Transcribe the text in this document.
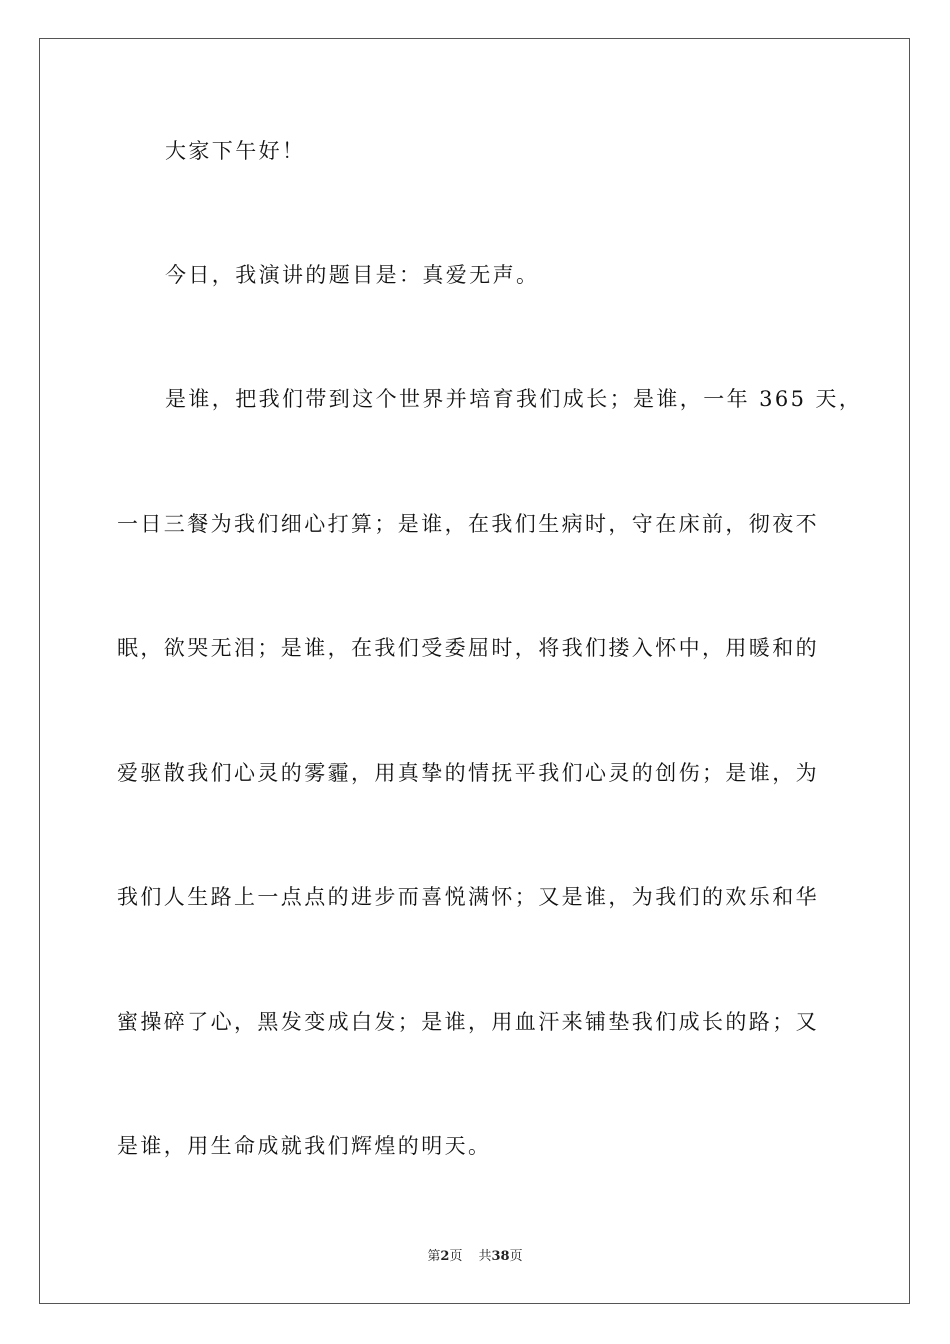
大家下午好！
今日，我演讲的题目是：真爱无声。
是谁，把我们带到这个世界并培育我们成长；是谁，一年 365 天，
一日三餐为我们细心打算；是谁，在我们生病时，守在床前，彻夜不
眠，欲哭无泪；是谁，在我们受委屈时，将我们搂入怀中，用暖和的
爱驱散我们心灵的雾霾，用真挚的情抚平我们心灵的创伤；是谁，为
我们人生路上一点点的进步而喜悦满怀；又是谁，为我们的欢乐和华
蜜操碎了心，黑发变成白发；是谁，用血汗来铺垫我们成长的路；又
是谁，用生命成就我们辉煌的明天。
第2页 共38页
